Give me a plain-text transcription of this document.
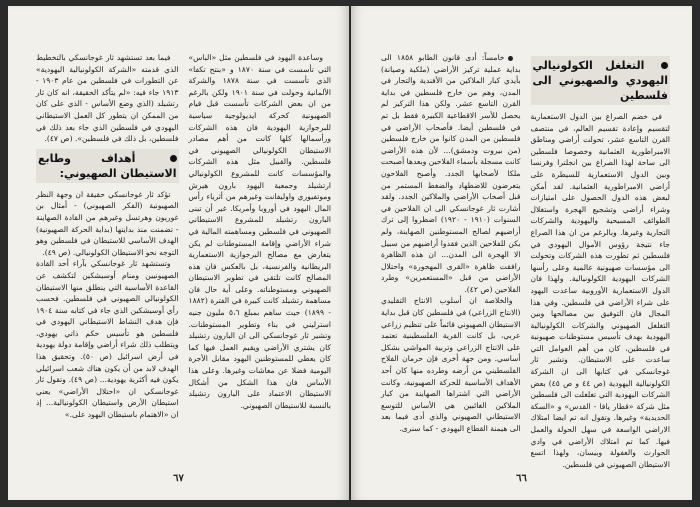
وساعدة اليهود في فلسطين مثل «الباس» التي تأسست في سنة ١٨٧٠ و «بنتح تكفا» الذي تأسست في سنة ١٨٧٨ والشركة الألمانية وحولت في سنة ١٩٠١ ولكن بالرغم من ان بعض الشركات تأسست قبل قيام الصهيونية كحركة ايديولوجية سياسية للبرجوازية اليهودية فان هذه الشركات ورأسمالها كلها كانت من أهم مصادر الاستيطان الكولونيالي الصهيوني في فلسطين. والقبيل مثل هذه الشركات والمؤسسات كانت للمشروع الكولونيالي ارتشيلد وجمعية اليهود بارون هيرش وموتفيوري واوليفانت وغيرهم من أثرياء رأس المال اليهود في أوروبا وأمريكا. غير أن تبنى البارون رتشيلد للمشروع الاستيطاني الصهيوني في فلسطين ومساهمته المالية في شراء الأراضي وإقامة المستوطنات لم يكن يتعارض مع مصالح البرجوازية الاستعمارية البريطانية والفرنسية، بل بالعكس فان هذه المصالح كانت تلتقي في تطوير الاستيطان الصهيوني ومستوطناته. وعلى أية حال فان مساهمة رتشيلد كانت كبيرة في الفترة (١٨٨٢ - ١٨٩٩) حيث ساهم بمبلغ ٥،٦ مليون جنيه استرليني في بناء وتطوير المستوطنات. وتشير ثار غوجانسكي الى ان البارون رتشيلد كان يشتري الأراضي ويقيم العمل فيها كما كان يعطي للمستوطنين اليهود مقابل الأجرة اليومية فضلا عن معاشات وغيرها. وعلى هذا الأساس فان هذا الشكل من أشكال الاستيطان الاعتماد على البارون رتشيلد بالنسبة للاستيطان الصهيوني.

فيما بعد تستشهد ثار غوجانسكي بالتخطيط الذي قدمته «الشركة الكولونيالية اليهودية» عن التطورات في فلسطين من عام ١٩٠٣ - ١٩١٣ جاء فيه: «لم يتأكد الحقيقة، انه كان ثار رتشيلد (الذي وضع الأساس - الذي على كان من الممكن ان يتطور كل العمل الاستيطاني اليهودي في فلسطين الذي جاء بعد ذلك في فلسطين، بل ذلك في فلسطين». (ص ٤٧).

أهداف وطابع الاستيطان الصهيوني:

تؤكد ثار غوجانسكي حقيقة ان وجهة النظر الصهيونية (الفكر الصهيوني) - أمثال بن غوريون وهرتسل وغيرهم من القادة الصهاينة - تضمنت منذ بدايتها (بداية الحركة الصهيونية) الهدف الأساسي للاستيطان في فلسطين وهو التوجه نحو الاستيطان الكولونيالي. (ص ٤٩).

وتستشهد ثار غوجانسكي بآراء أحد القادة الصهيونيين ومنام أوسيشكين لتكشف عن القاعدة الأساسية التي ينطلق منها الاستيطان الكولونيالي الصهيوني في فلسطين. فحسب رأي أوسيشكين الذي جاء في كتابه سنة ١٩٠٤ فإن هدف النشاط الاستيطاني اليهودي في فلسطين هو تأسيس حكم ذاتي يهودي، ويتطلب ذلك شراء أراضي وإقامة دولة يهودية في أرض اسرائيل (ص ٥٠). وتحقيق هذا الهدف لابد من أن يكون هناك شعب اسرائيلي يكون فيه أكثرية يهودية... (ص ٤٩). وتقول ثار غوجانسكي ان «احتلال الأراضي» يعني استيطان الأرض واستيطان الكولونيالية... إذ ان «الاهتمام باستيطان اليهود على.»

٦٧
التغلغل الكولونيالي اليهودي والصهيوني الى فلسطين

في خضم الصراع بين الدول الاستعمارية لتقسيم وإعادة تقسيم العالم، في منتصف القرن التاسع عشر، تحولت أراضي ومناطق الامبراطورية العثمانية وخصوصا فلسطين الى ساحة لهذا الصراع بين انجلترا وفرنسا وبين الدول الاستعمارية للسيطرة على أراضي الامبراطورية العثمانية. لقد أمكن لبعض هذه الدول الحصول على امتيازات وشراء أراضي وتشجيع الهجرة واستغلال الطوائف المسيحية واليهودية والشركات التجارية وغيرها. وبالرغم من ان هذا الصراع جاء نتيجة رؤوس الأموال اليهودي في فلسطين ثم تطورت هذه الشركات وتحولت الى مؤسسات صهيونية عالمية وعلى رأسها الشركات اليهودية الكولونيالية. ولهذا فان الدول الاستعمارية الأوروبية ساعدت اليهود على شراء الأراضي في فلسطين. وفي هذا المجال فان التوفيق بين مصالحها وبين التغلغل الصهيوني والشركات الكولونيالية اليهودية بهدف تأسيس مستوطنات صهيونية في فلسطين، كان من أهم العوامل التي ساعدت على الاستيطان. وتشير ثار غوجانسكي في كتابها الى ان الشركة الكولونيالية اليهودية (ص ٤٤ و ص ٤٥) بعض الشركات اليهودية التي تغلغلت الى فلسطين مثل شركة «قطار يافا - القدس» و «السكة الحديدية» وغيرها. وتقول انه تم ايضا امتلاك الاراضي الواسعة في سهل الحولة والعمل فيها. كما تم امتلاك الأراضي في وادي الحوارث والعفولة وبيسان، ولهذا اتسع الاستيطان الصهيوني في فلسطين.

خامساً: أدى قانون الطابو ١٨٥٨ الى بداية عملية تركيز الأراضي (ملكية وصيانة) بأيدي كبار الملاكين من الأفندية والتجار في المدن، وهم من خارج فلسطين في بداية القرن التاسع عشر. ولكن هذا التركيز لم يحصل للأسر الاقطاعية الكبيرة فقط بل تم في فلسطين أيضا. فأصحاب الأراضي في فلسطين من المدن كانوا من خارج فلسطين (من بيروت ودمشق)... لأن هذه الأراضي كانت مسجلة بأسماء الفلاحين وبعدها أصبحت ملكا لأصحابها الجدد. وأصبح الفلاحون يتعرضون للاضطهاد والضغط المستمر من قبل أصحاب الأراضي والملاكين الجدد. ولقد أشارت ثار غوجانسكي الى ان الفلاحين في السنوات (١٩١٠ - ١٩٢٠) اضطروا إلى ترك أراضيهم لصالح المستوطنين الصهاينة، ولم يكن للفلاحين الذين فقدوا أراضيهم من سبيل الا الهجرة الى المدن... ان هذه الظاهرة رافقت ظاهرة «القرى المهجورة» واحتلال الأراضي من قبل «المستعمرين» وطرد الفلاحين (ص ٤٢).

والخلاصة ان أسلوب الانتاج التقليدي (الانتاج الزراعي) في فلسطين كان قبل بداية الاستيطان الصهيوني قائماً على تنظيم زراعي عربي، بل كانت القرية الفلسطينية تعتمد على الانتاج الزراعي وتربية المواشي بشكل أساسي. ومن جهة أخرى فإن حرمان الفلاح الفلسطيني من أرضه وطرده منها كان أحد الأهداف الأساسية للحركة الصهيونية، وكانت الأراضي التي اشتراها الصهاينة من كبار الملاكين الغائبين هي الأساس للتوسع الاستيطاني الصهيوني والذي أدى فيما بعد الى هيمنة القطاع اليهودي - كما سنرى.

٦٦
